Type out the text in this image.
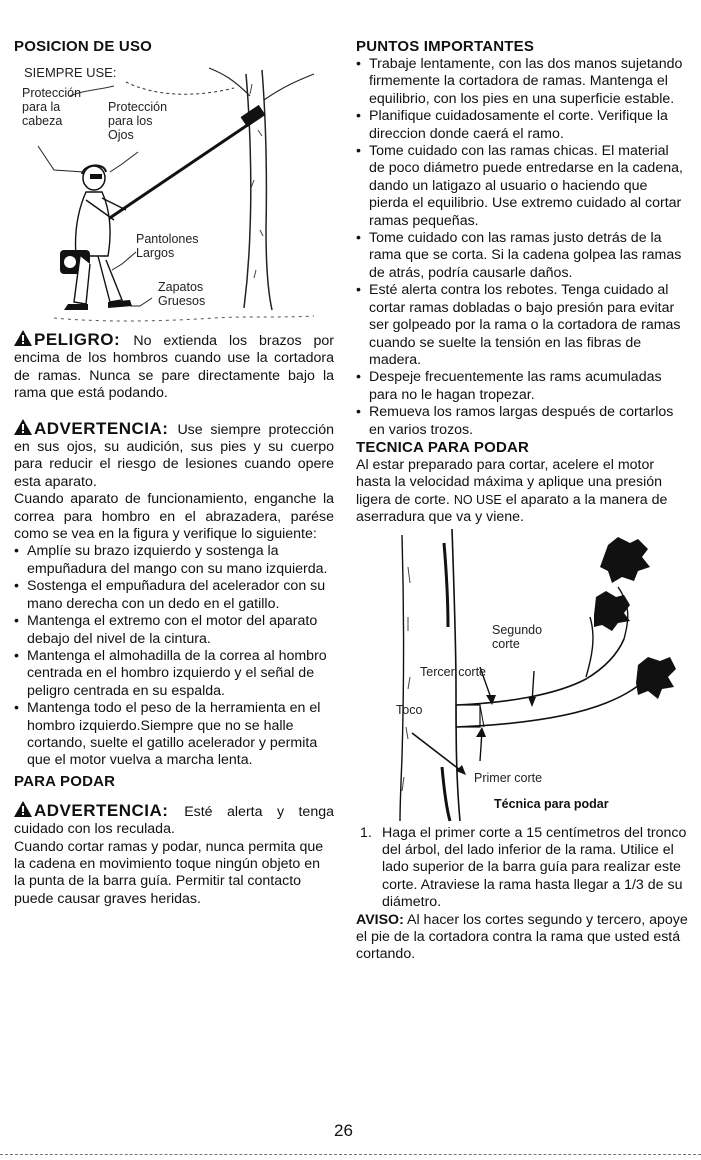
POSICION DE USO
SIEMPRE USE:
Protección
para la
cabeza
Protección
para los
Ojos
Pantolones
Largos
Zapatos
Gruesos

PELIGRO: No extienda los brazos por encima de los hombros cuando use la cortadora de ramas. Nunca se pare directamente bajo la rama que está podando.

ADVERTENCIA: Use siempre protección en sus ojos, su audición, sus pies y su cuerpo para reducir el riesgo de lesiones cuando opere esta aparato.

Cuando aparato de funcionamiento, enganche la correa para hombro en el abrazadera, parése como se vea en la figura y verifique lo siguiente:

• Amplíe su brazo izquierdo y sostenga la empuñadura del mango con su mano izquierda.
• Sostenga el empuñadura del acelerador con su mano derecha con un dedo en el gatillo.
• Mantenga el extremo con el motor del aparato debajo del nivel de la cintura.
• Mantenga el almohadilla de la correa al hombro centrada en el hombro izquierdo y el señal de peligro centrada en su espalda.
• Mantenga todo el peso de la herramienta en el hombro izquierdo.Siempre que no se halle cortando, suelte el gatillo acelerador y permita que el motor vuelva a marcha lenta.
PARA PODAR

ADVERTENCIA: Esté alerta y tenga cuidado con los reculada.

Cuando cortar ramas y podar, nunca permita que la cadena en movimiento toque ningún objeto en la punta de la barra guía. Permitir tal contacto puede causar graves heridas.

PUNTOS IMPORTANTES
• Trabaje lentamente, con las dos manos sujetando firmemente la cortadora de ramas. Mantenga el equilibrio, con los pies en una superficie estable.
• Planifique cuidadosamente el corte. Verifique la direccion donde caerá el ramo.
• Tome cuidado con las ramas chicas. El material de poco diámetro puede entredarse en la cadena, dando un latigazo al usuario o haciendo que pierda el equilibrio. Use extremo cuidado al cortar ramas pequeñas.
• Tome cuidado con las ramas justo detrás de la rama que se corta. Si la cadena golpea las ramas de atrás, podría causarle daños.
• Esté alerta contra los rebotes. Tenga cuidado al cortar ramas dobladas o bajo presión para evitar ser golpeado por la rama o la cortadora de ramas cuando se suelte la tensión en las fibras de madera.
• Despeje frecuentemente las rams acumuladas para no le hagan tropezar.
• Remueva los ramos largas después de cortarlos en varios trozos.
TECNICA PARA PODAR

Al estar preparado para cortar, acelere el motor hasta la velocidad máxima y aplique una presión ligera de corte. NO USE el aparato a la manera de aserradura que va y viene.

Segundo
corte
Tercer corte
Toco
Primer corte
Técnica para podar
1. Haga el primer corte a 15 centímetros del tronco del árbol, del lado inferior de la rama. Utilice el lado superior de la barra guía para realizar este corte. Atraviese la rama hasta llegar a 1/3 de su diámetro.

AVISO: Al hacer los cortes segundo y tercero, apoye el pie de la cortadora contra la rama que usted está cortando.

26
